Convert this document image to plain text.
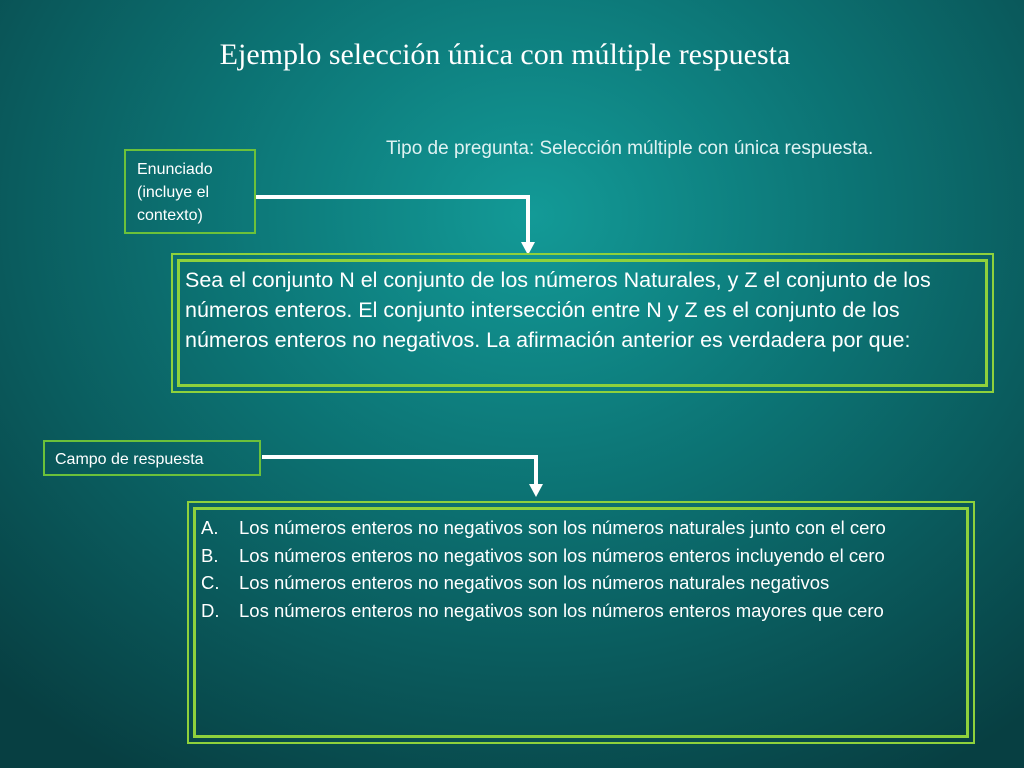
Ejemplo selección única con múltiple respuesta
Tipo de pregunta: Selección múltiple con única respuesta.
Enunciado
(incluye el
contexto)
Campo de respuesta
Sea el conjunto N el conjunto de los números Naturales, y Z el conjunto de los números enteros. El conjunto intersección entre N y Z es el conjunto de los números enteros no negativos. La afirmación anterior es verdadera por que:
A. Los números enteros no negativos son los números naturales junto con el cero
B. Los números enteros no negativos son los números enteros incluyendo el cero
C. Los números enteros no negativos son los números naturales negativos
D. Los números enteros no negativos son los números enteros mayores que cero
